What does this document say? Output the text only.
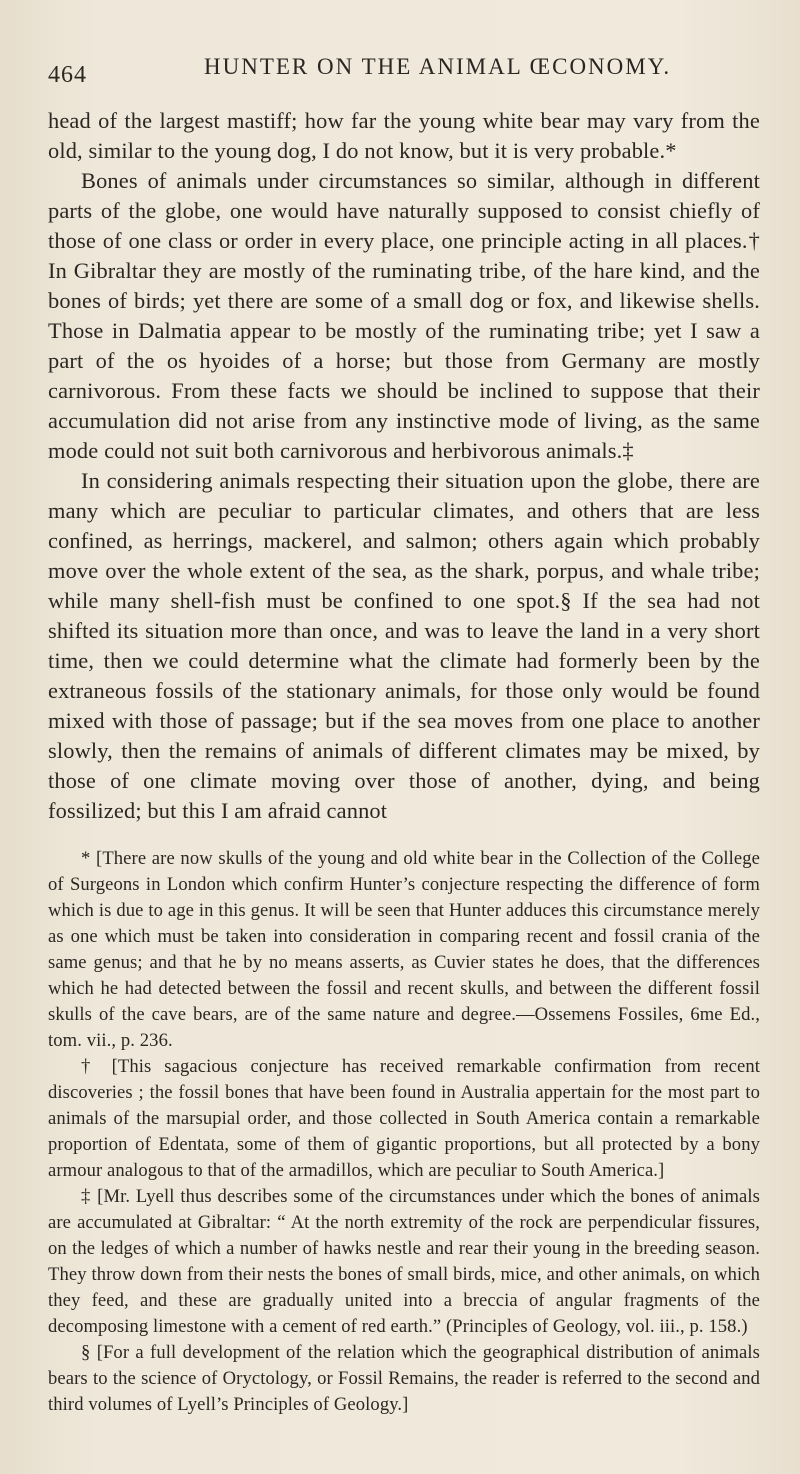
464	HUNTER ON THE ANIMAL ŒCONOMY.

head of the largest mastiff; how far the young white bear may vary from the old, similar to the young dog, I do not know, but it is very probable.*

Bones of animals under circumstances so similar, although in different parts of the globe, one would have naturally supposed to consist chiefly of those of one class or order in every place, one principle acting in all places.† In Gibraltar they are mostly of the ruminating tribe, of the hare kind, and the bones of birds; yet there are some of a small dog or fox, and likewise shells. Those in Dalmatia appear to be mostly of the ruminating tribe; yet I saw a part of the os hyoides of a horse; but those from Germany are mostly carnivorous. From these facts we should be inclined to suppose that their accumulation did not arise from any instinctive mode of living, as the same mode could not suit both carnivorous and herbivorous animals.‡

In considering animals respecting their situation upon the globe, there are many which are peculiar to particular climates, and others that are less confined, as herrings, mackerel, and salmon; others again which probably move over the whole extent of the sea, as the shark, porpus, and whale tribe; while many shell-fish must be confined to one spot.§ If the sea had not shifted its situation more than once, and was to leave the land in a very short time, then we could determine what the climate had formerly been by the extraneous fossils of the stationary animals, for those only would be found mixed with those of passage; but if the sea moves from one place to another slowly, then the remains of animals of different climates may be mixed, by those of one climate moving over those of another, dying, and being fossilized; but this I am afraid cannot

* [There are now skulls of the young and old white bear in the Collection of the College of Surgeons in London which confirm Hunter’s conjecture respecting the difference of form which is due to age in this genus. It will be seen that Hunter adduces this circumstance merely as one which must be taken into consideration in comparing recent and fossil crania of the same genus; and that he by no means asserts, as Cuvier states he does, that the differences which he had detected between the fossil and recent skulls, and between the different fossil skulls of the cave bears, are of the same nature and degree.—Ossemens Fossiles, 6me Ed., tom. vii., p. 236.

† [This sagacious conjecture has received remarkable confirmation from recent discoveries ; the fossil bones that have been found in Australia appertain for the most part to animals of the marsupial order, and those collected in South America contain a remarkable proportion of Edentata, some of them of gigantic proportions, but all protected by a bony armour analogous to that of the armadillos, which are peculiar to South America.]

‡ [Mr. Lyell thus describes some of the circumstances under which the bones of animals are accumulated at Gibraltar: “ At the north extremity of the rock are perpendicular fissures, on the ledges of which a number of hawks nestle and rear their young in the breeding season. They throw down from their nests the bones of small birds, mice, and other animals, on which they feed, and these are gradually united into a breccia of angular fragments of the decomposing limestone with a cement of red earth.” (Principles of Geology, vol. iii., p. 158.)

§ [For a full development of the relation which the geographical distribution of animals bears to the science of Oryctology, or Fossil Remains, the reader is referred to the second and third volumes of Lyell’s Principles of Geology.]
